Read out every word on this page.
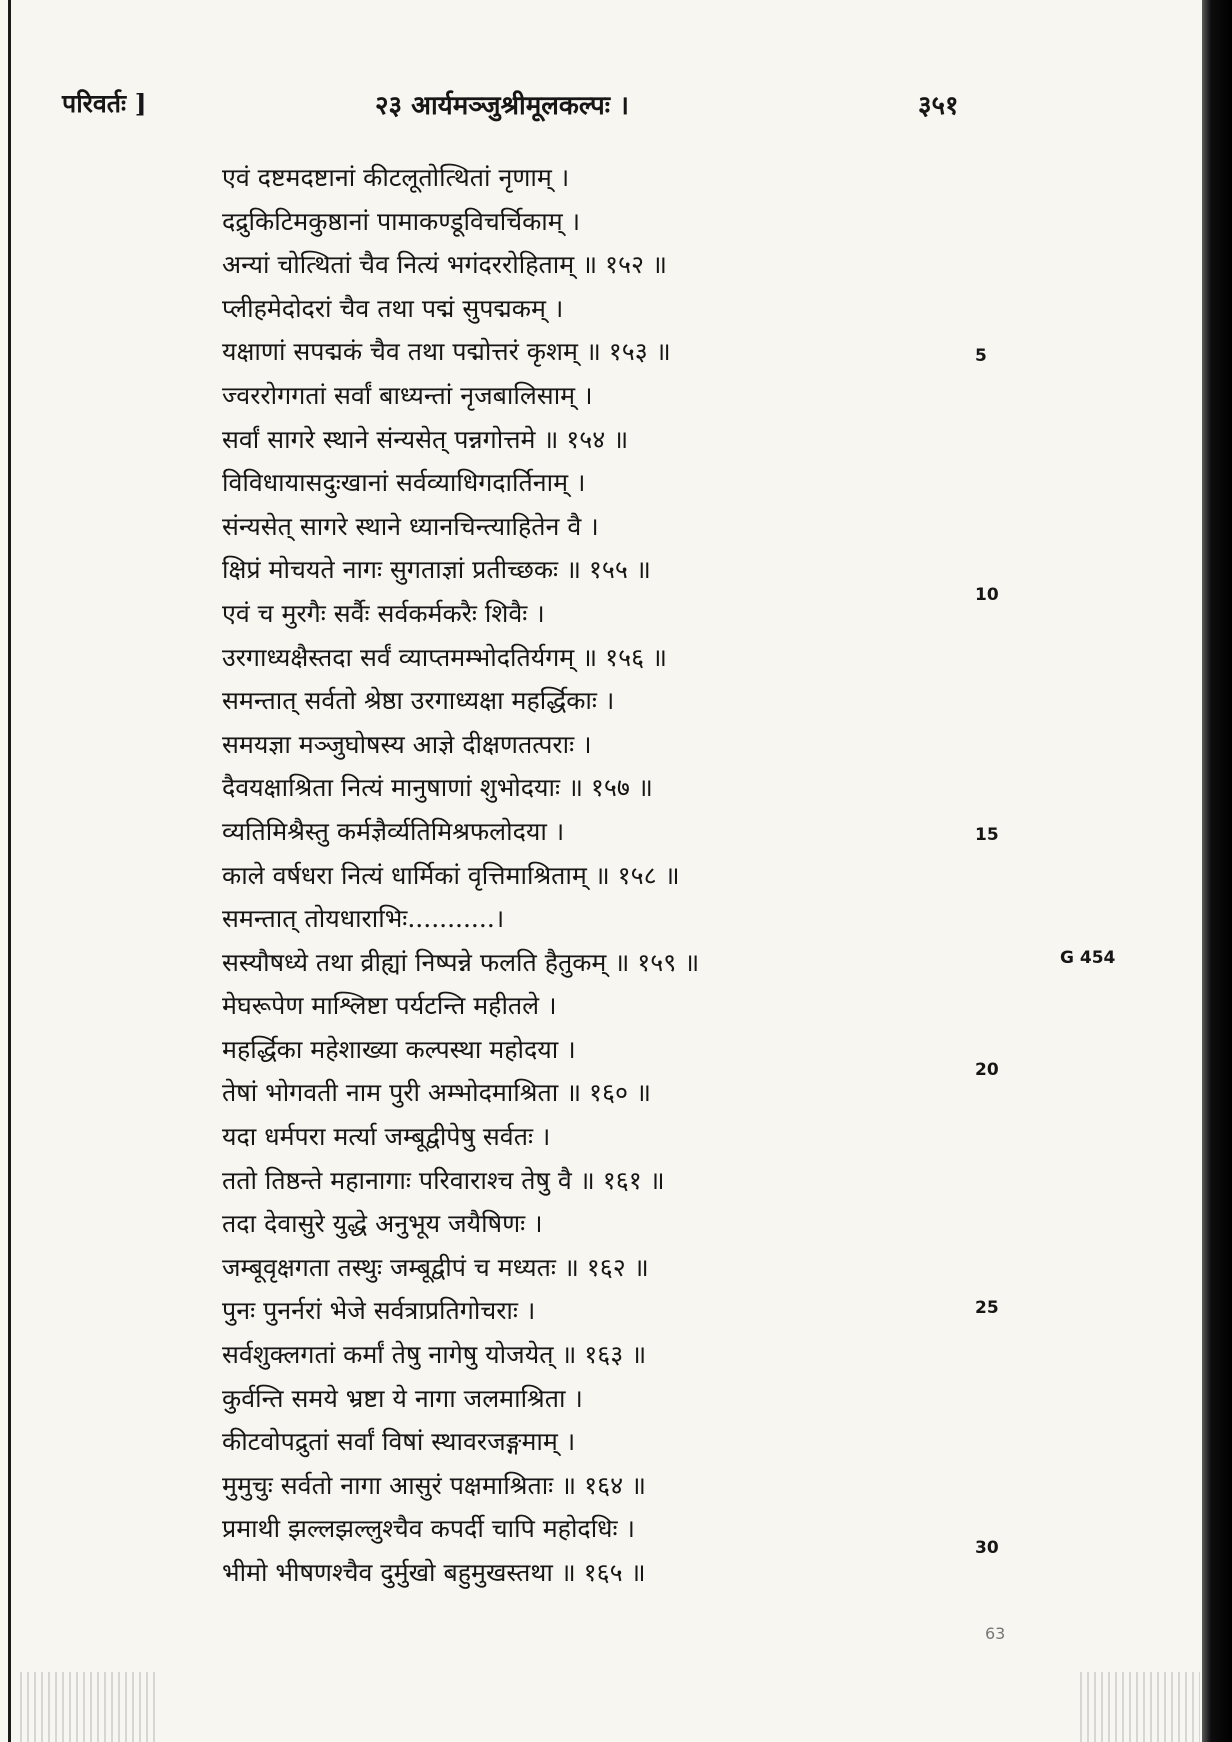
परिवर्तः ]	२३ आर्यमञ्जुश्रीमूलकल्पः ।	३५१
एवं दष्टमदष्टानां कीटलूतोत्थितां नृणाम् ।
दद्रुकिटिमकुष्ठानां पामाकण्डूविचर्चिकाम् ।
अन्यां चोत्थितां चैव नित्यं भगंदररोहिताम् ॥ १५२ ॥
प्लीहमेदोदरां चैव तथा पद्मं सुपद्मकम् ।
यक्षाणां सपद्मकं चैव तथा पद्मोत्तरं कृशम् ॥ १५३ ॥
ज्वररोगगतां सर्वां बाध्यन्तां नृजबालिसाम् ।
सर्वां सागरे स्थाने संन्यसेत् पन्नगोत्तमे ॥ १५४ ॥
विविधायासदुःखानां सर्वव्याधिगदार्तिनाम् ।
संन्यसेत् सागरे स्थाने ध्यानचिन्त्याहितेन वै ।
क्षिप्रं मोचयते नागः सुगताज्ञां प्रतीच्छकः ॥ १५५ ॥
एवं च मुरगैः सर्वैः सर्वकर्मकरैः शिवैः ।
उरगाध्यक्षैस्तदा सर्वं व्याप्तमम्भोदतिर्यगम् ॥ १५६ ॥
समन्तात् सर्वतो श्रेष्ठा उरगाध्यक्षा महर्द्धिकाः ।
समयज्ञा मञ्जुघोषस्य आज्ञे दीक्षणतत्पराः ।
दैवयक्षाश्रिता नित्यं मानुषाणां शुभोदयाः ॥ १५७ ॥
व्यतिमिश्रैस्तु कर्मज्ञैर्व्यतिमिश्रफलोदया ।
काले वर्षधरा नित्यं धार्मिकां वृत्तिमाश्रिताम् ॥ १५८ ॥
समन्तात् तोयधाराभिः...........।
सस्यौषध्ये तथा व्रीह्यां निष्पन्ने फलति हैतुकम् ॥ १५९ ॥
मेघरूपेण माश्लिष्टा पर्यटन्ति महीतले ।
महर्द्धिका महेशाख्या कल्पस्था महोदया ।
तेषां भोगवती नाम पुरी अम्भोदमाश्रिता ॥ १६० ॥
यदा धर्मपरा मर्त्या जम्बूद्वीपेषु सर्वतः ।
ततो तिष्ठन्ते महानागाः परिवाराश्च तेषु वै ॥ १६१ ॥
तदा देवासुरे युद्धे अनुभूय जयैषिणः ।
जम्बूवृक्षगता तस्थुः जम्बूद्वीपं च मध्यतः ॥ १६२ ॥
पुनः पुनर्नरां भेजे सर्वत्राप्रतिगोचराः ।
सर्वशुक्लगतां कर्मां तेषु नागेषु योजयेत् ॥ १६३ ॥
कुर्वन्ति समये भ्रष्टा ये नागा जलमाश्रिता ।
कीटवोपद्रुतां सर्वां विषां स्थावरजङ्गमाम् ।
मुमुचुः सर्वतो नागा आसुरं पक्षमाश्रिताः ॥ १६४ ॥
प्रमाथी झल्लझल्लुश्चैव कपर्दी चापि महोदधिः ।
भीमो भीषणश्चैव दुर्मुखो बहुमुखस्तथा ॥ १६५ ॥
5
10
15
G 454
20
25
30
63
